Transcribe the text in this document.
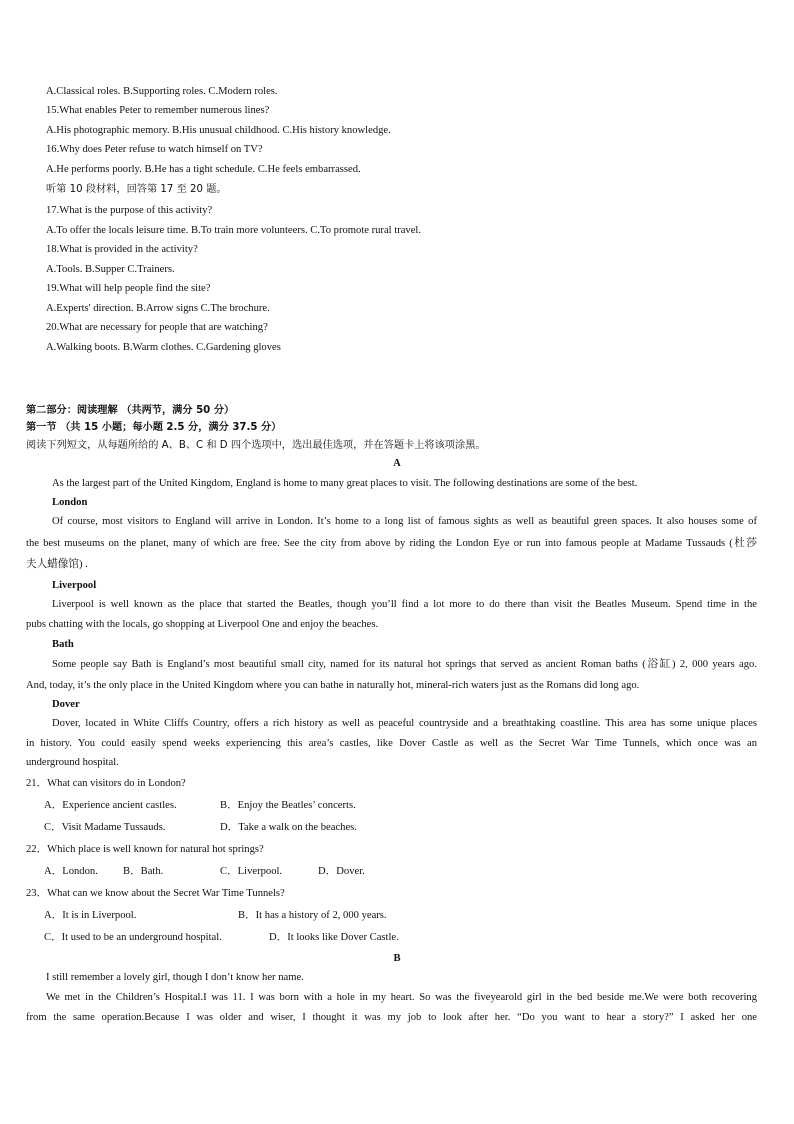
A.Classical roles. B.Supporting roles. C.Modern roles.
15.What enables Peter to remember numerous lines?
A.His photographic memory. B.His unusual childhood. C.His history knowledge.
16.Why does Peter refuse to watch himself on TV?
A.He performs poorly. B.He has a tight schedule. C.He feels embarrassed.
听第 10 段材料，回答第 17 至 20 题。
17.What is the purpose of this activity?
A.To offer the locals leisure time. B.To train more volunteers. C.To promote rural travel.
18.What is provided in the activity?
A.Tools. B.Supper C.Trainers.
19.What will help people find the site?
A.Experts' direction. B.Arrow signs C.The brochure.
20.What are necessary for people that are watching?
A.Walking boots. B.Warm clothes. C.Gardening gloves
第二部分：阅读理解 （共两节，满分 50 分）
第一节 （共 15 小题；每小题 2.5 分，满分 37.5 分）
阅读下列短文，从每题所给的 A、B、C 和 D 四个选项中，选出最佳选项，并在答题卡上将该项涂黑。
A
As the largest part of the United Kingdom, England is home to many great places to visit. The following destinations are some of the best.
London
Of course, most visitors to England will arrive in London. It’s home to a long list of famous sights as well as beautiful green spaces. It also houses some of
the best museums on the planet, many of which are free. See the city from above by riding the London Eye or run into famous people at Madame Tussauds (杜莎
夫人蜡像馆) .
Liverpool
Liverpool is well known as the place that started the Beatles, though you’ll find a lot more to do there than visit the Beatles Museum. Spend time in the
pubs chatting with the locals, go shopping at Liverpool One and enjoy the beaches.
Bath
Some people say Bath is England’s most beautiful small city, named for its natural hot springs that served as ancient Roman baths (浴缸) 2, 000 years ago.
And, today, it’s the only place in the United Kingdom where you can bathe in naturally hot, mineral-rich waters just as the Romans did long ago.
Dover
Dover, located in White Cliffs Country, offers a rich history as well as peaceful countryside and a breathtaking coastline. This area has some unique places
in history. You could easily spend weeks experiencing this area’s castles, like Dover Castle as well as the Secret War Time Tunnels, which once was an
underground hospital.
21．What can visitors do in London?
A．Experience ancient castles.	B．Enjoy the Beatles’ concerts.
C．Visit Madame Tussauds.	D．Take a walk on the beaches.
22．Which place is well known for natural hot springs?
A．London. B．Bath.	C．Liverpool.	D．Dover.
23．What can we know about the Secret War Time Tunnels?
A．It is in Liverpool.	B．It has a history of 2, 000 years.
C．It used to be an underground hospital.	D．It looks like Dover Castle.
B
I still remember a lovely girl, though I don’t know her name.
We met in the Children’s Hospital.I was 11. I was born with a hole in my heart. So was the fiveyearold girl in the bed beside me.We were both recovering
from the same operation.Because I was older and wiser, I thought it was my job to look after her. “Do you want to hear a story?” I asked her one
